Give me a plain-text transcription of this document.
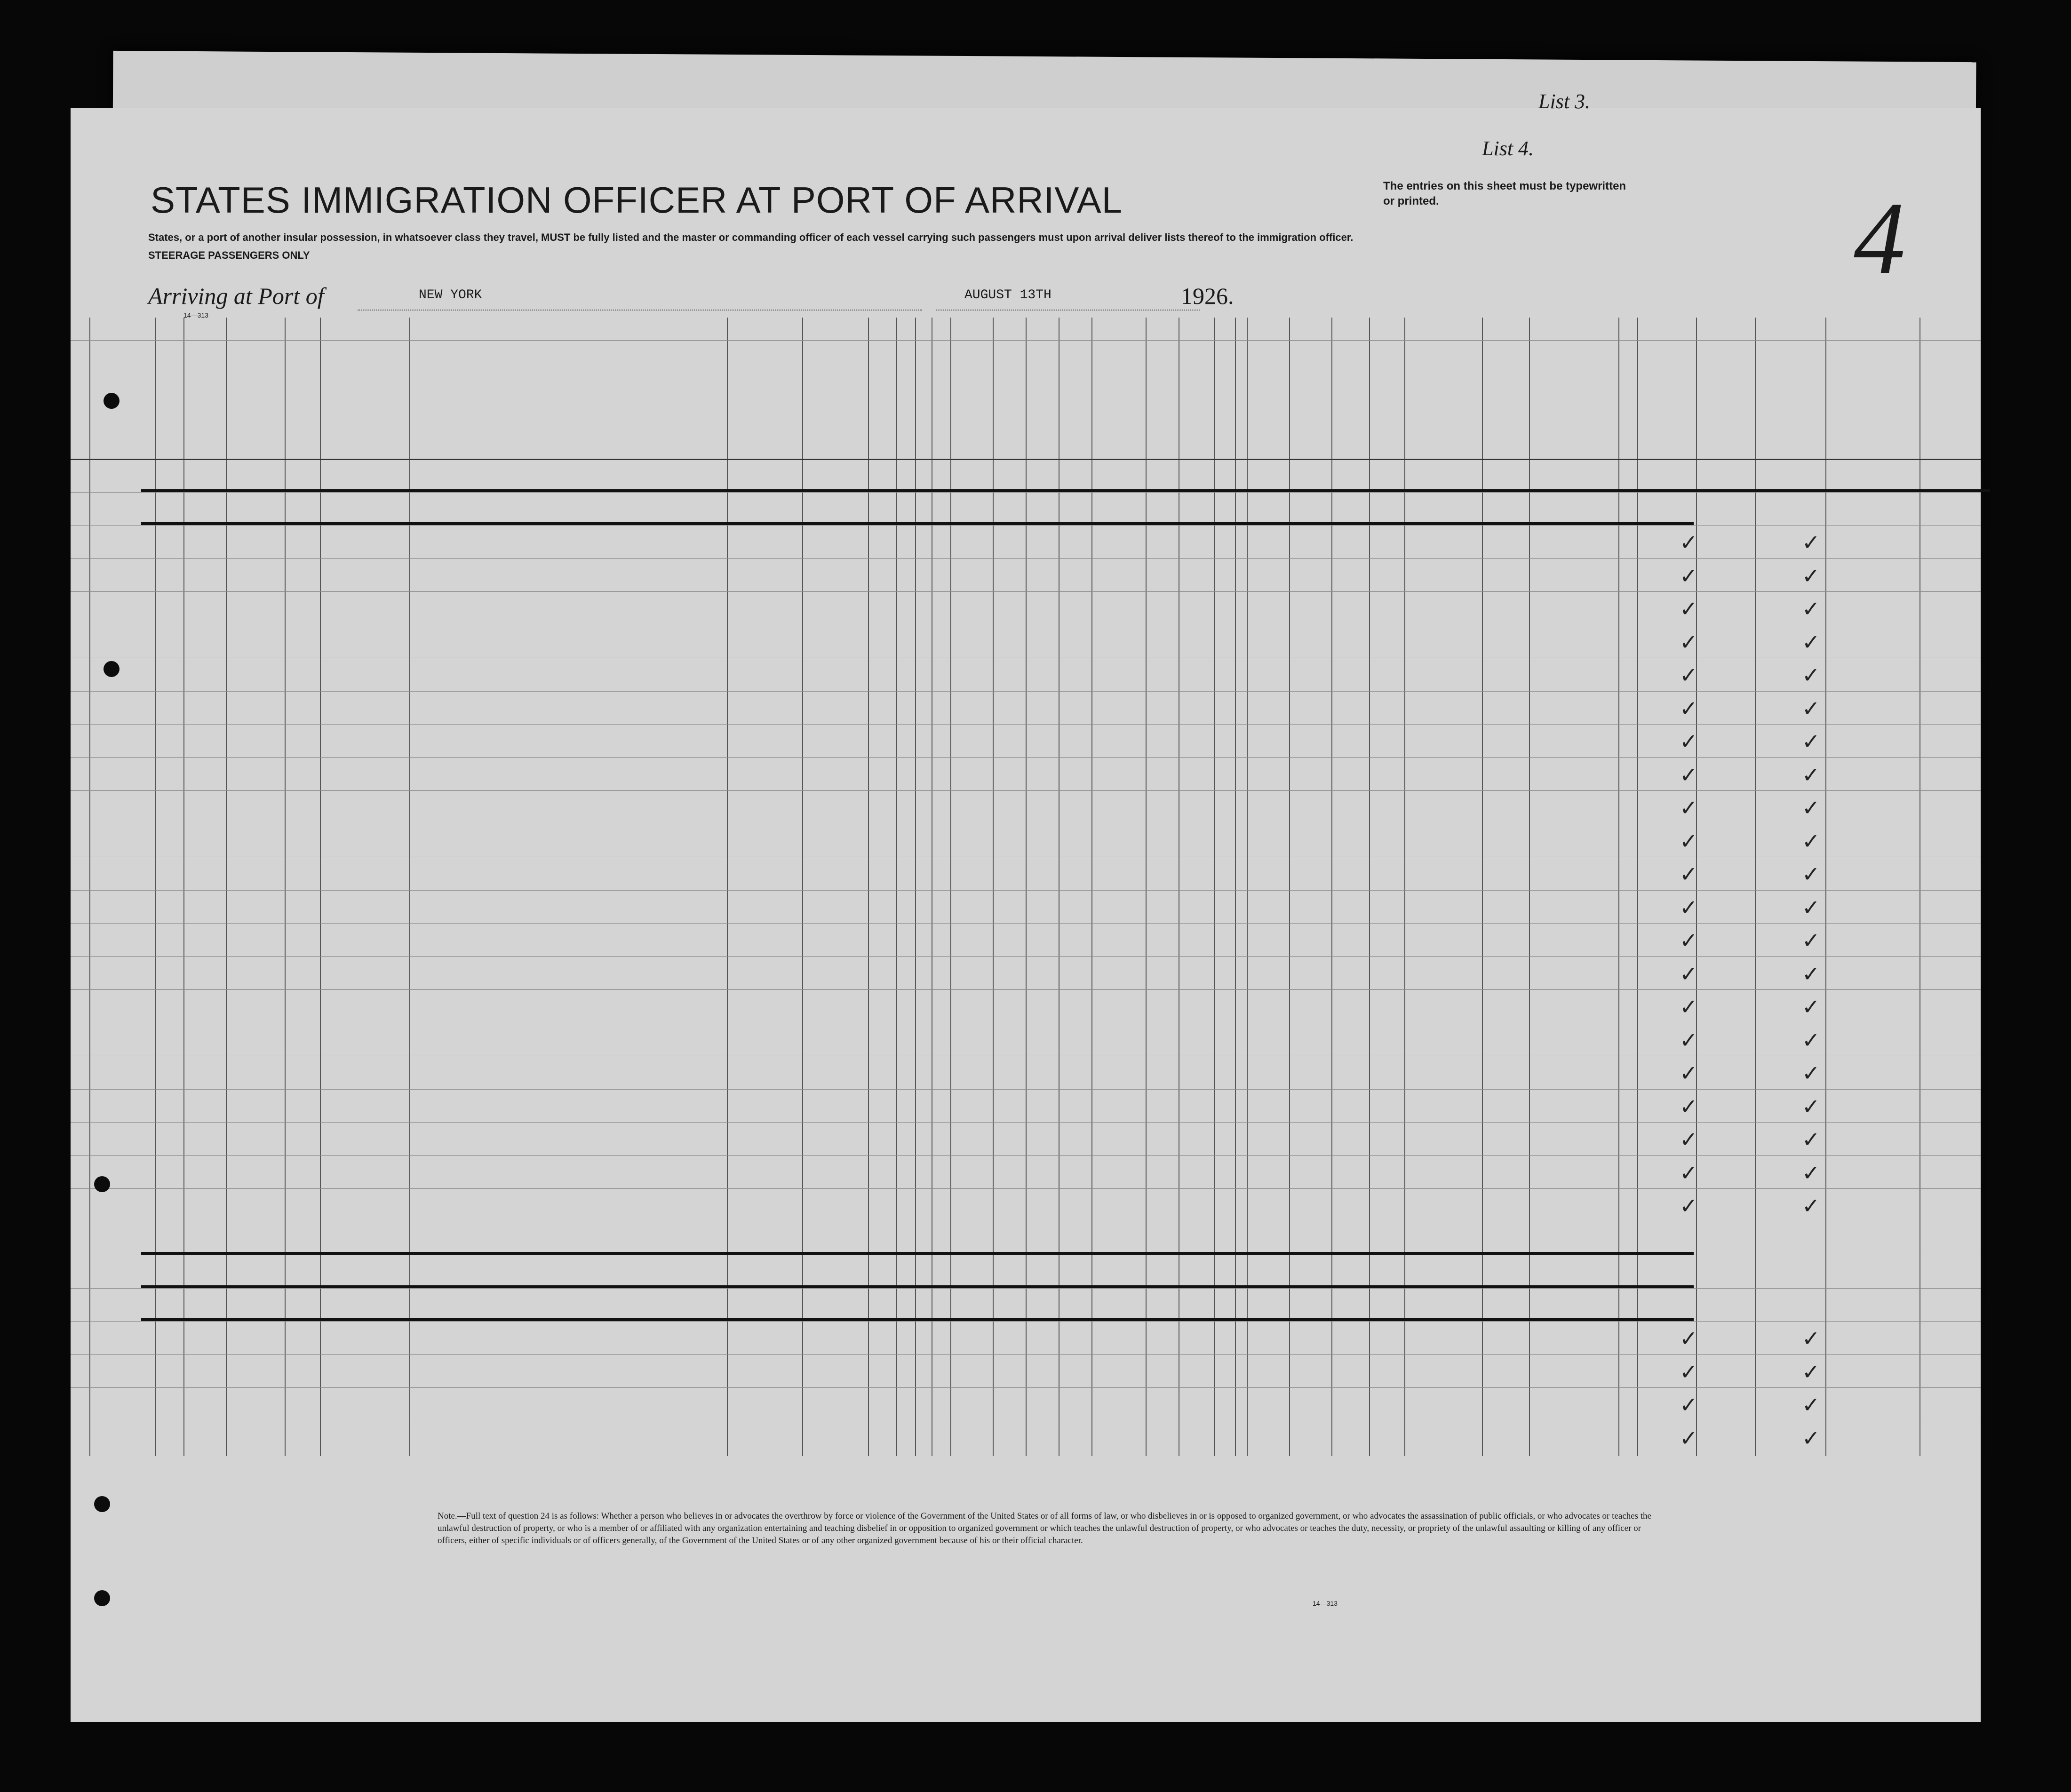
List 3.
List 4.
STATES IMMIGRATION OFFICER AT PORT OF ARRIVAL	The entries on this sheet must be typewritten or printed.	4
States, or a port of another insular possession, in whatsoever class they travel, MUST be fully listed and the master or commanding officer of each vessel carrying such passengers must upon arrival deliver lists thereof to the immigration officer.
STEERAGE PASSENGERS ONLY
Arriving at Port of	NEW YORK	AUGUST 13TH	1926.
14—313
✓	✓
✓	✓
✓	✓
✓	✓
✓	✓
✓	✓
✓	✓
✓	✓
✓	✓
✓	✓
✓	✓
✓	✓
✓	✓
✓	✓
✓	✓
✓	✓
✓	✓
✓	✓
✓	✓
✓	✓
✓	✓
✓	✓
✓	✓
✓	✓
✓	✓
Note.—Full text of question 24 is as follows: Whether a person who believes in or advocates the overthrow by force or violence of the Government of the United States or of all forms of law, or who disbelieves in or is opposed to organized government, or who advocates the assassination of public officials, or who advocates or teaches the unlawful destruction of property, or who is a member of or affiliated with any organization entertaining and teaching disbelief in or opposition to organized government or which teaches the unlawful destruction of property, or who advocates or teaches the duty, necessity, or propriety of the unlawful assaulting or killing of any officer or officers, either of specific individuals or of officers generally, of the Government of the United States or of any other organized government because of his or their official character.
14—313
